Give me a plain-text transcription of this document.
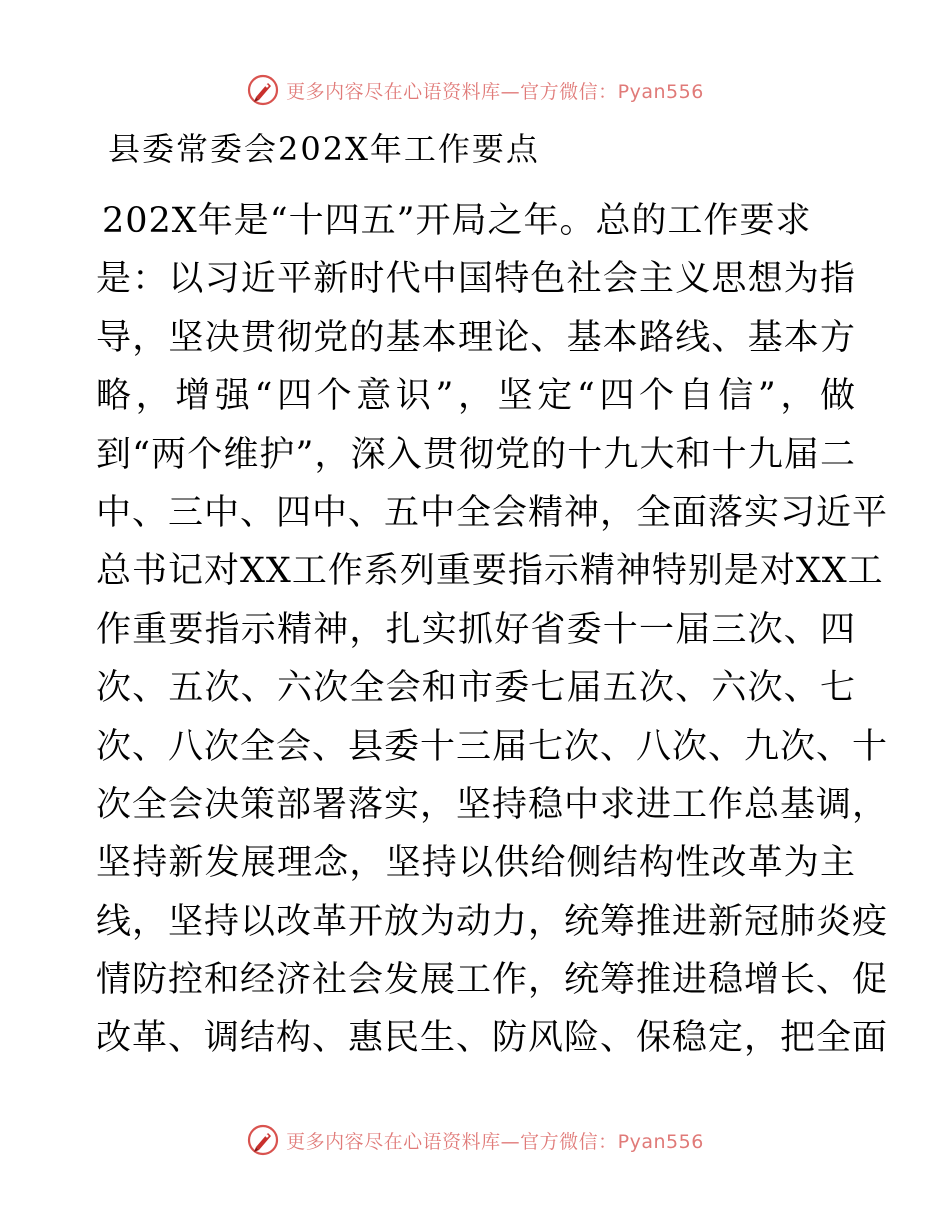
更多内容尽在心语资料库—官方微信：Pyan556
县委常委会202X年工作要点
202X年是“十四五”开局之年。总的工作要求
是：以习近平新时代中国特色社会主义思想为指
导，坚决贯彻党的基本理论、基本路线、基本方
略，增强“四个意识”，坚定“四个自信”，做
到“两个维护”，深入贯彻党的十九大和十九届二
中、三中、四中、五中全会精神，全面落实习近平
总书记对XX工作系列重要指示精神特别是对XX工
作重要指示精神，扎实抓好省委十一届三次、四
次、五次、六次全会和市委七届五次、六次、七
次、八次全会、县委十三届七次、八次、九次、十
次全会决策部署落实，坚持稳中求进工作总基调，
坚持新发展理念，坚持以供给侧结构性改革为主
线，坚持以改革开放为动力，统筹推进新冠肺炎疫
情防控和经济社会发展工作，统筹推进稳增长、促
改革、调结构、惠民生、防风险、保稳定，把全面
更多内容尽在心语资料库—官方微信：Pyan556
